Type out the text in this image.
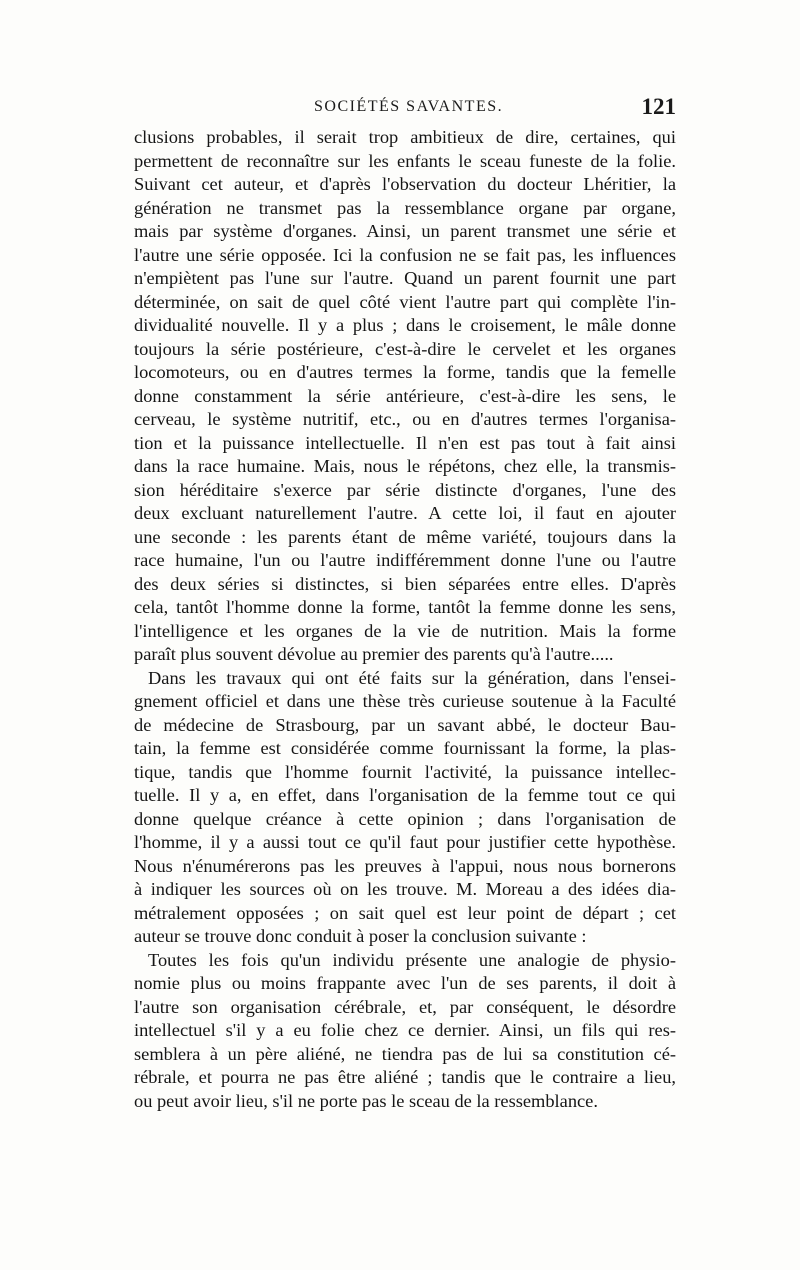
SOCIÉTÉS SAVANTES.	121
clusions probables, il serait trop ambitieux de dire, certaines, qui
permettent de reconnaître sur les enfants le sceau funeste de la folie.
Suivant cet auteur, et d'après l'observation du docteur Lhéritier, la
génération ne transmet pas la ressemblance organe par organe,
mais par système d'organes. Ainsi, un parent transmet une série et
l'autre une série opposée. Ici la confusion ne se fait pas, les influences
n'empiètent pas l'une sur l'autre. Quand un parent fournit une part
déterminée, on sait de quel côté vient l'autre part qui complète l'in-
dividualité nouvelle. Il y a plus ; dans le croisement, le mâle donne
toujours la série postérieure, c'est-à-dire le cervelet et les organes
locomoteurs, ou en d'autres termes la forme, tandis que la femelle
donne constamment la série antérieure, c'est-à-dire les sens, le
cerveau, le système nutritif, etc., ou en d'autres termes l'organisa-
tion et la puissance intellectuelle. Il n'en est pas tout à fait ainsi
dans la race humaine. Mais, nous le répétons, chez elle, la transmis-
sion héréditaire s'exerce par série distincte d'organes, l'une des
deux excluant naturellement l'autre. A cette loi, il faut en ajouter
une seconde : les parents étant de même variété, toujours dans la
race humaine, l'un ou l'autre indifféremment donne l'une ou l'autre
des deux séries si distinctes, si bien séparées entre elles. D'après
cela, tantôt l'homme donne la forme, tantôt la femme donne les sens,
l'intelligence et les organes de la vie de nutrition. Mais la forme
paraît plus souvent dévolue au premier des parents qu'à l'autre.....
Dans les travaux qui ont été faits sur la génération, dans l'ensei-
gnement officiel et dans une thèse très curieuse soutenue à la Faculté
de médecine de Strasbourg, par un savant abbé, le docteur Bau-
tain, la femme est considérée comme fournissant la forme, la plas-
tique, tandis que l'homme fournit l'activité, la puissance intellec-
tuelle. Il y a, en effet, dans l'organisation de la femme tout ce qui
donne quelque créance à cette opinion ; dans l'organisation de
l'homme, il y a aussi tout ce qu'il faut pour justifier cette hypothèse.
Nous n'énumérerons pas les preuves à l'appui, nous nous bornerons
à indiquer les sources où on les trouve. M. Moreau a des idées dia-
métralement opposées ; on sait quel est leur point de départ ; cet
auteur se trouve donc conduit à poser la conclusion suivante :
Toutes les fois qu'un individu présente une analogie de physio-
nomie plus ou moins frappante avec l'un de ses parents, il doit à
l'autre son organisation cérébrale, et, par conséquent, le désordre
intellectuel s'il y a eu folie chez ce dernier. Ainsi, un fils qui res-
semblera à un père aliéné, ne tiendra pas de lui sa constitution cé-
rébrale, et pourra ne pas être aliéné ; tandis que le contraire a lieu,
ou peut avoir lieu, s'il ne porte pas le sceau de la ressemblance.
